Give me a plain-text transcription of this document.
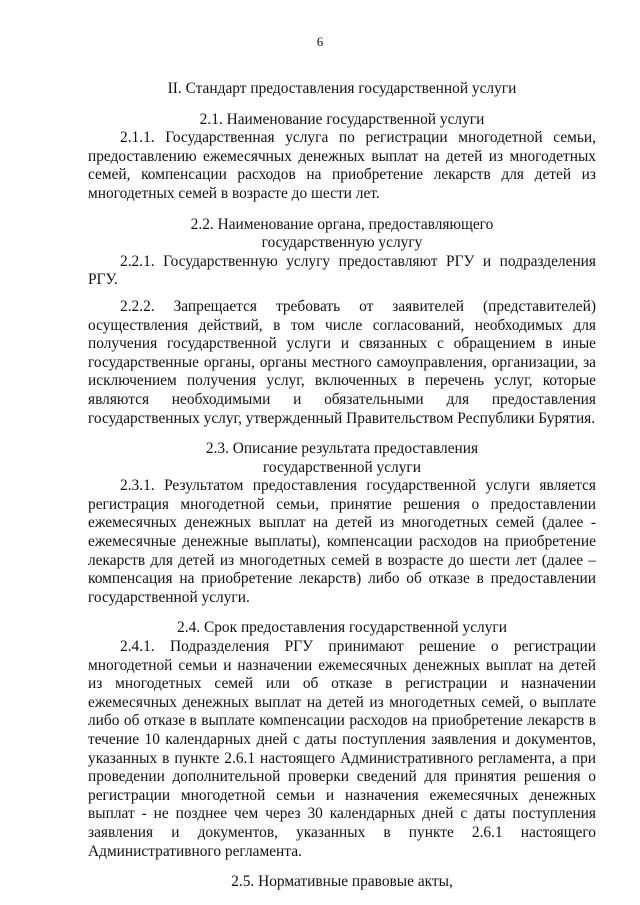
6
II. Стандарт предоставления государственной услуги
2.1. Наименование государственной услуги

2.1.1. Государственная услуга по регистрации многодетной семьи, предоставлению ежемесячных денежных выплат на детей из многодетных семей, компенсации расходов на приобретение лекарств для детей из многодетных семей в возрасте до шести лет.

2.2. Наименование органа, предоставляющего
государственную услугу

2.2.1. Государственную услугу предоставляют РГУ и подразделения РГУ.

2.2.2. Запрещается требовать от заявителей (представителей) осуществления действий, в том числе согласований, необходимых для получения государственной услуги и связанных с обращением в иные государственные органы, органы местного самоуправления, организации, за исключением получения услуг, включенных в перечень услуг, которые являются необходимыми и обязательными для предоставления государственных услуг, утвержденный Правительством Республики Бурятия.

2.3. Описание результата предоставления
государственной услуги

2.3.1. Результатом предоставления государственной услуги является регистрация многодетной семьи, принятие решения о предоставлении ежемесячных денежных выплат на детей из многодетных семей (далее - ежемесячные денежные выплаты), компенсации расходов на приобретение лекарств для детей из многодетных семей в возрасте до шести лет (далее – компенсация на приобретение лекарств) либо об отказе в предоставлении государственной услуги.

2.4. Срок предоставления государственной услуги

2.4.1. Подразделения РГУ принимают решение о регистрации многодетной семьи и назначении ежемесячных денежных выплат на детей из многодетных семей или об отказе в регистрации и назначении ежемесячных денежных выплат на детей из многодетных семей, о выплате либо об отказе в выплате компенсации расходов на приобретение лекарств в течение 10 календарных дней с даты поступления заявления и документов, указанных в пункте 2.6.1 настоящего Административного регламента, а при проведении дополнительной проверки сведений для принятия решения о регистрации многодетной семьи и назначения ежемесячных денежных выплат - не позднее чем через 30 календарных дней с даты поступления заявления и документов, указанных в пункте 2.6.1 настоящего Административного регламента.

2.5. Нормативные правовые акты,
